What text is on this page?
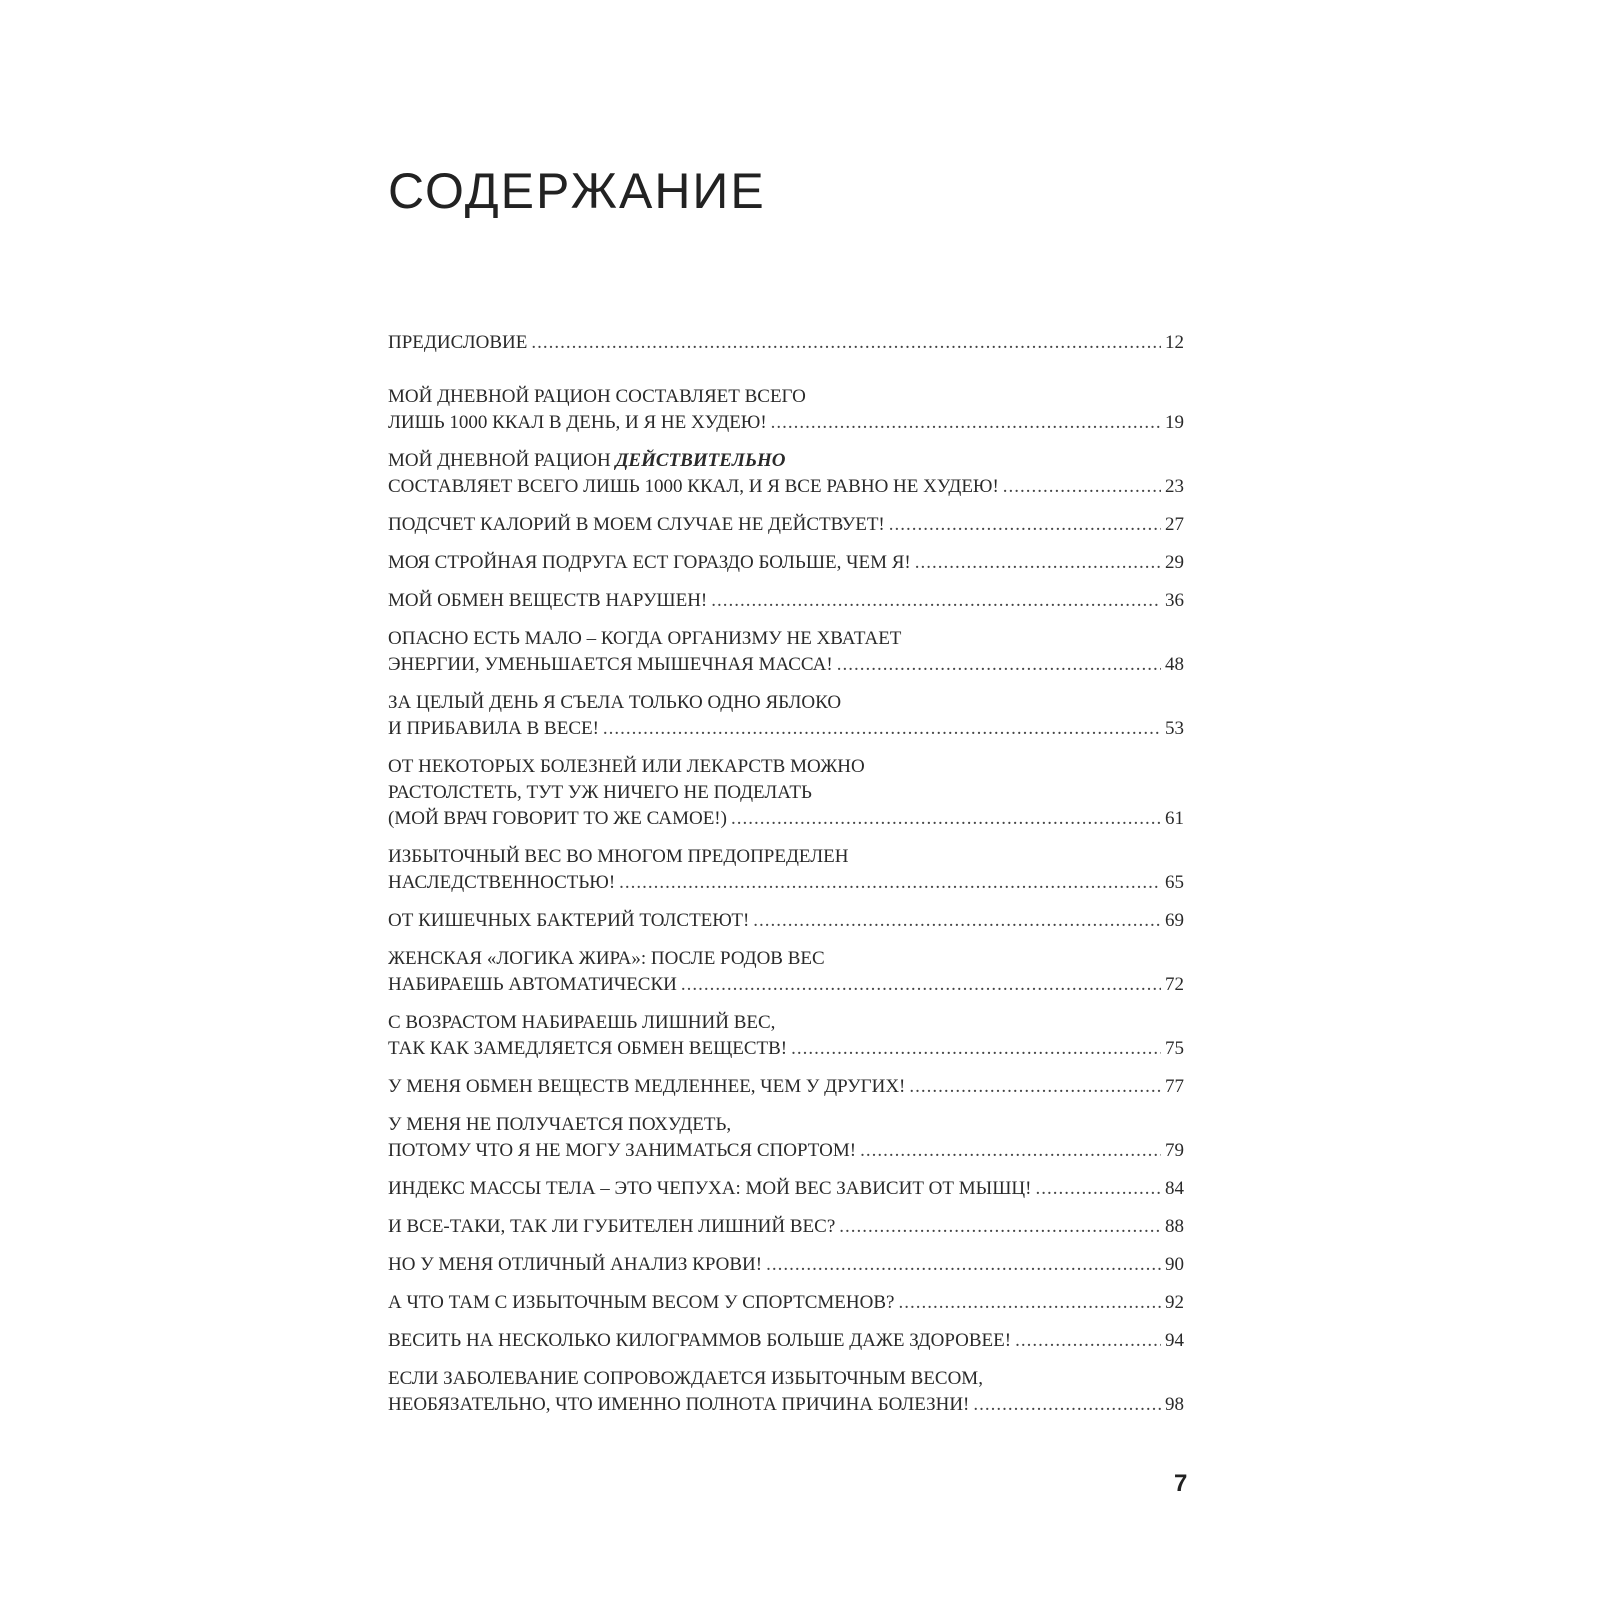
СОДЕРЖАНИЕ
ПРЕДИСЛОВИЕ .....	12
МОЙ ДНЕВНОЙ РАЦИОН СОСТАВЛЯЕТ ВСЕГО
ЛИШЬ 1000 ККАЛ В ДЕНЬ, И Я НЕ ХУДЕЮ! .....	19
МОЙ ДНЕВНОЙ РАЦИОН ДЕЙСТВИТЕЛЬНО
СОСТАВЛЯЕТ ВСЕГО ЛИШЬ 1000 ККАЛ, И Я ВСЕ РАВНО НЕ ХУДЕЮ! .....	23
ПОДСЧЕТ КАЛОРИЙ В МОЕМ СЛУЧАЕ НЕ ДЕЙСТВУЕТ! .....	27
МОЯ СТРОЙНАЯ ПОДРУГА ЕСТ ГОРАЗДО БОЛЬШЕ, ЧЕМ Я! .....	29
МОЙ ОБМЕН ВЕЩЕСТВ НАРУШЕН! .....	36
ОПАСНО ЕСТЬ МАЛО – КОГДА ОРГАНИЗМУ НЕ ХВАТАЕТ
ЭНЕРГИИ, УМЕНЬШАЕТСЯ МЫШЕЧНАЯ МАССА! .....	48
ЗА ЦЕЛЫЙ ДЕНЬ Я СЪЕЛА ТОЛЬКО ОДНО ЯБЛОКО
И ПРИБАВИЛА В ВЕСЕ! .....	53
ОТ НЕКОТОРЫХ БОЛЕЗНЕЙ ИЛИ ЛЕКАРСТВ МОЖНО
РАСТОЛСТЕТЬ, ТУТ УЖ НИЧЕГО НЕ ПОДЕЛАТЬ
(МОЙ ВРАЧ ГОВОРИТ ТО ЖЕ САМОЕ!) .....	61
ИЗБЫТОЧНЫЙ ВЕС ВО МНОГОМ ПРЕДОПРЕДЕЛЕН
НАСЛЕДСТВЕННОСТЬЮ! .....	65
ОТ КИШЕЧНЫХ БАКТЕРИЙ ТОЛСТЕЮТ! .....	69
ЖЕНСКАЯ «ЛОГИКА ЖИРА»: ПОСЛЕ РОДОВ ВЕС
НАБИРАЕШЬ АВТОМАТИЧЕСКИ .....	72
С ВОЗРАСТОМ НАБИРАЕШЬ ЛИШНИЙ ВЕС,
ТАК КАК ЗАМЕДЛЯЕТСЯ ОБМЕН ВЕЩЕСТВ! .....	75
У МЕНЯ ОБМЕН ВЕЩЕСТВ МЕДЛЕННЕЕ, ЧЕМ У ДРУГИХ! .....	77
У МЕНЯ НЕ ПОЛУЧАЕТСЯ ПОХУДЕТЬ,
ПОТОМУ ЧТО Я НЕ МОГУ ЗАНИМАТЬСЯ СПОРТОМ! .....	79
ИНДЕКС МАССЫ ТЕЛА – ЭТО ЧЕПУХА: МОЙ ВЕС ЗАВИСИТ ОТ МЫШЦ! .....	84
И ВСЕ-ТАКИ, ТАК ЛИ ГУБИТЕЛЕН ЛИШНИЙ ВЕС? .....	88
НО У МЕНЯ ОТЛИЧНЫЙ АНАЛИЗ КРОВИ! .....	90
А ЧТО ТАМ С ИЗБЫТОЧНЫМ ВЕСОМ У СПОРТСМЕНОВ? .....	92
ВЕСИТЬ НА НЕСКОЛЬКО КИЛОГРАММОВ БОЛЬШЕ ДАЖЕ ЗДОРОВЕЕ! .....	94
ЕСЛИ ЗАБОЛЕВАНИЕ СОПРОВОЖДАЕТСЯ ИЗБЫТОЧНЫМ ВЕСОМ,
НЕОБЯЗАТЕЛЬНО, ЧТО ИМЕННО ПОЛНОТА ПРИЧИНА БОЛЕЗНИ! .....	98
7
